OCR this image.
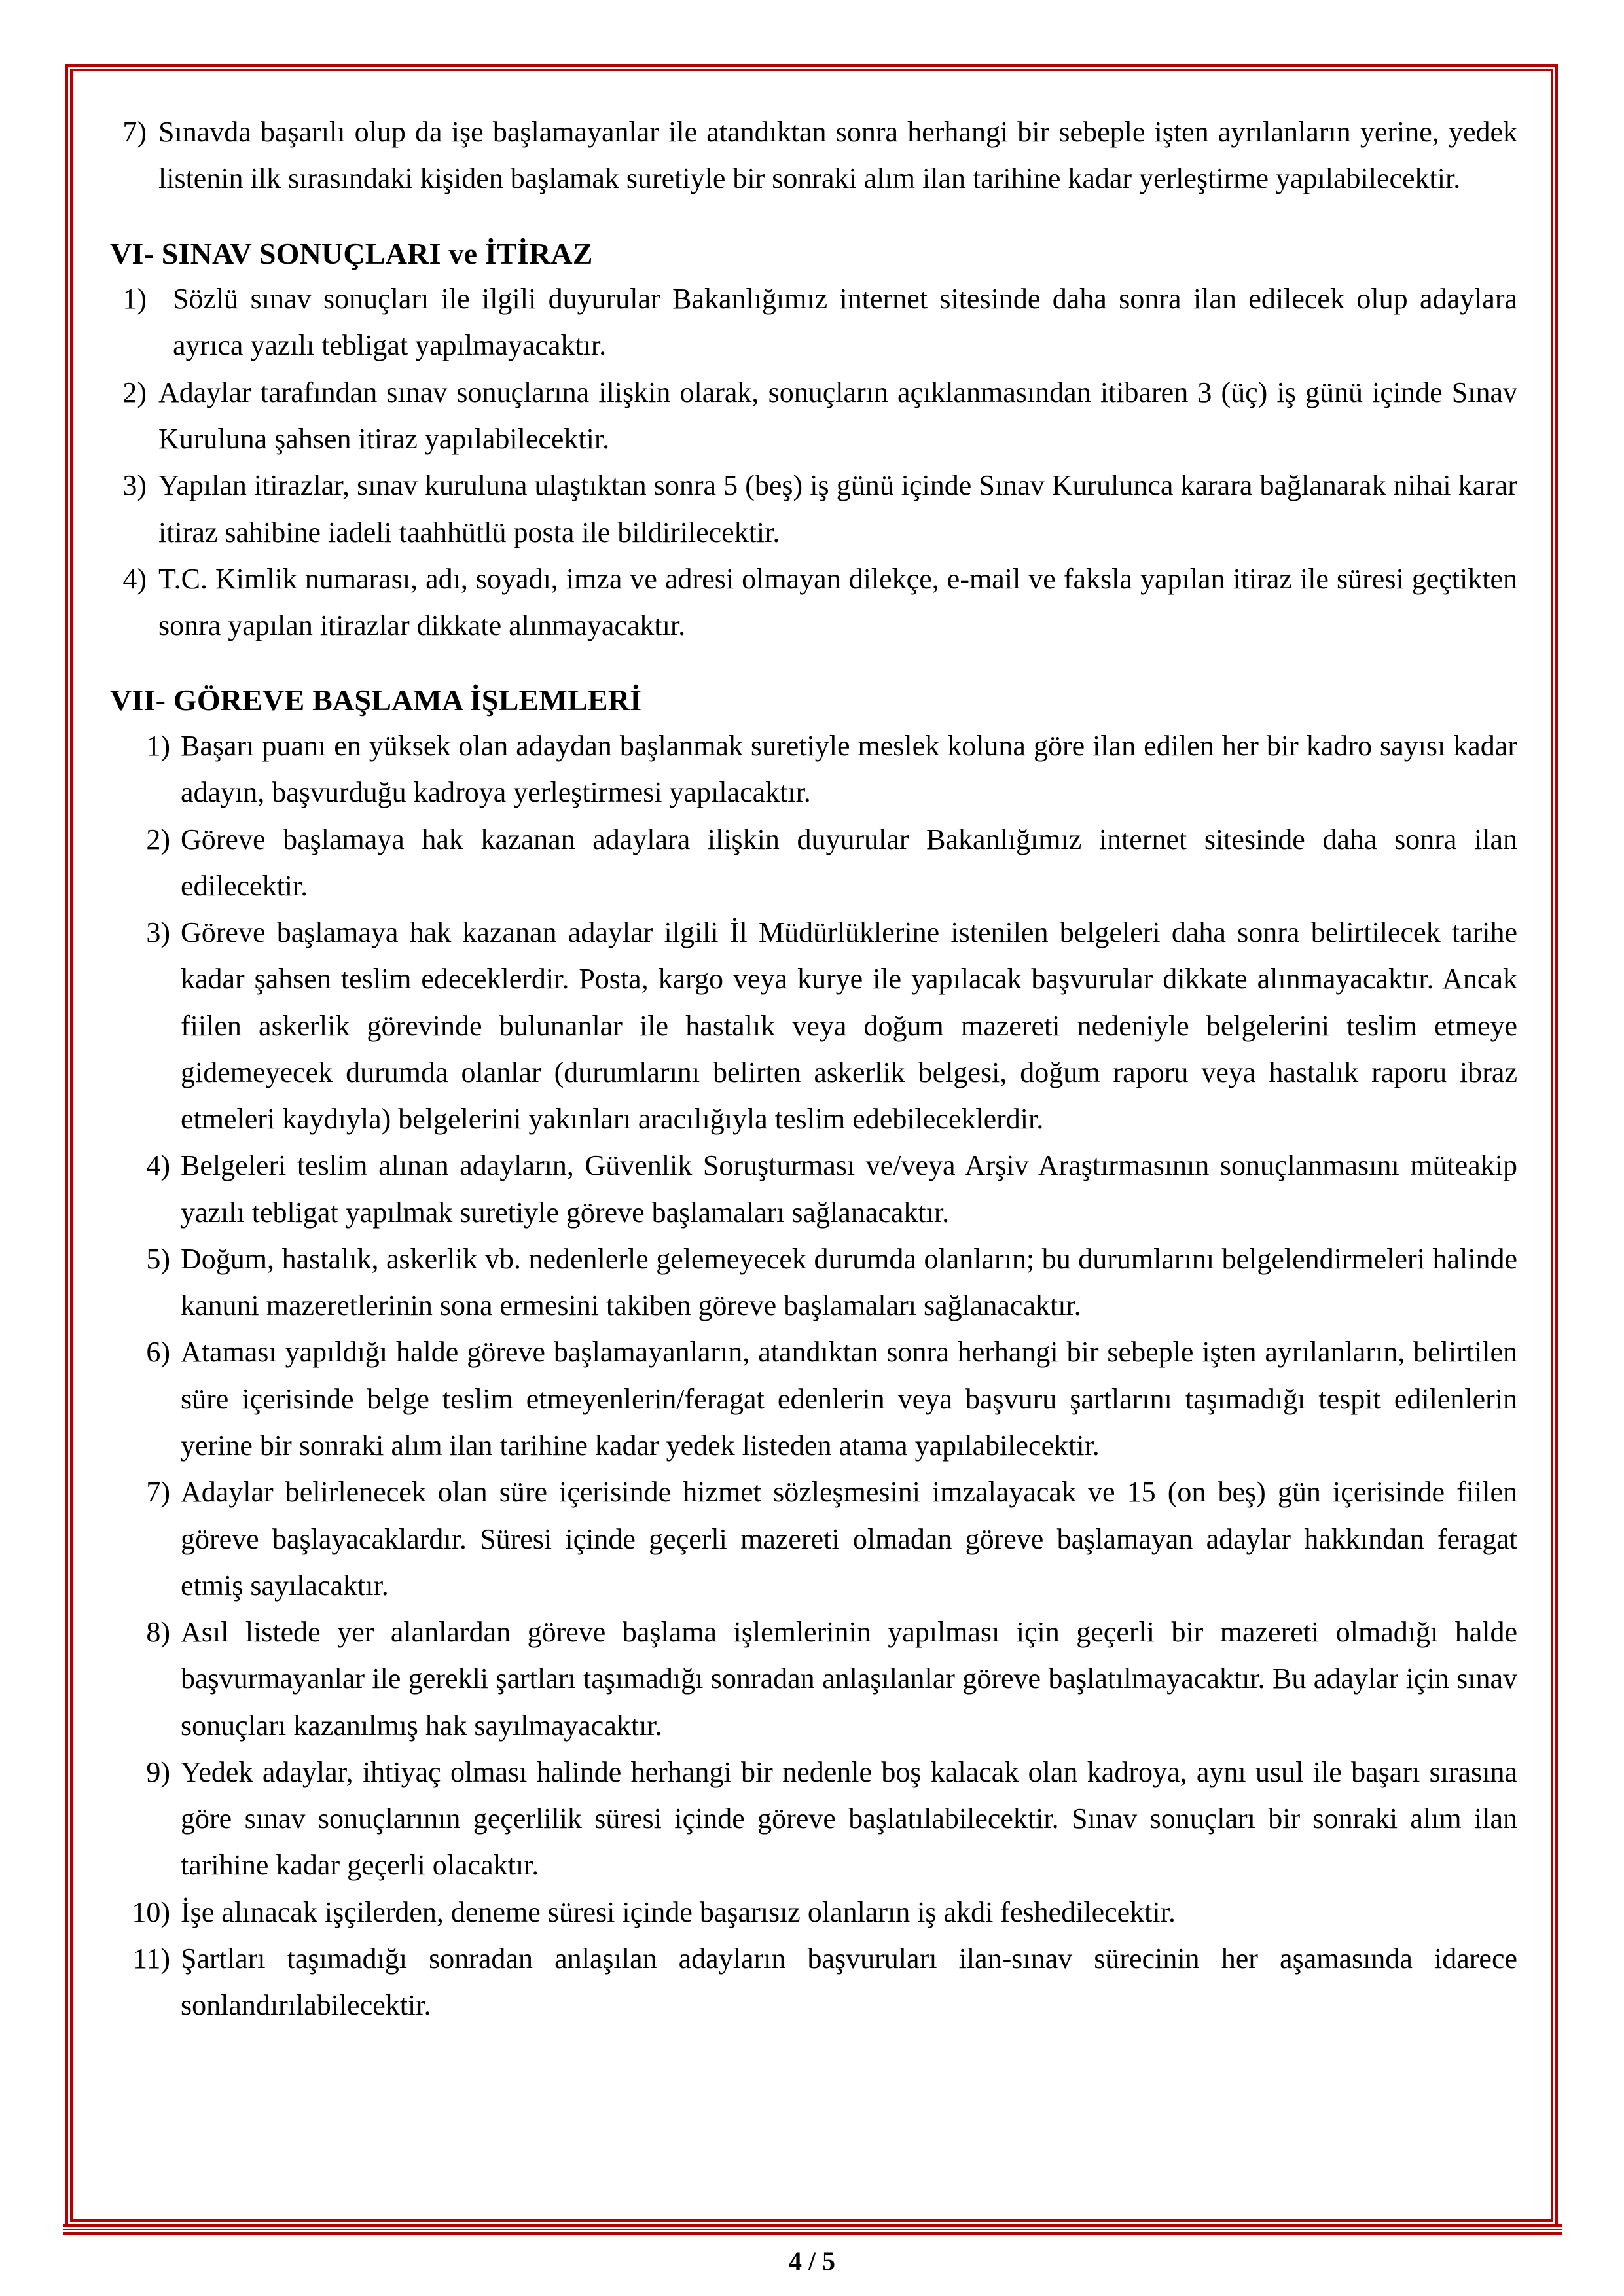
7) Sınavda başarılı olup da işe başlamayanlar ile atandıktan sonra herhangi bir sebeple işten ayrılanların yerine, yedek listenin ilk sırasındaki kişiden başlamak suretiyle bir sonraki alım ilan tarihine kadar yerleştirme yapılabilecektir.
VI- SINAV SONUÇLARI ve İTİRAZ
1) Sözlü sınav sonuçları ile ilgili duyurular Bakanlığımız internet sitesinde daha sonra ilan edilecek olup adaylara ayrıca yazılı tebligat yapılmayacaktır.
2) Adaylar tarafından sınav sonuçlarına ilişkin olarak, sonuçların açıklanmasından itibaren 3 (üç) iş günü içinde Sınav Kuruluna şahsen itiraz yapılabilecektir.
3) Yapılan itirazlar, sınav kuruluna ulaştıktan sonra 5 (beş) iş günü içinde Sınav Kurulunca karara bağlanarak nihai karar itiraz sahibine iadeli taahhütlü posta ile bildirilecektir.
4) T.C. Kimlik numarası, adı, soyadı, imza ve adresi olmayan dilekçe, e-mail ve faksla yapılan itiraz ile süresi geçtikten sonra yapılan itirazlar dikkate alınmayacaktır.
VII- GÖREVE BAŞLAMA İŞLEMLERİ
1) Başarı puanı en yüksek olan adaydan başlanmak suretiyle meslek koluna göre ilan edilen her bir kadro sayısı kadar adayın, başvurduğu kadroya yerleştirmesi yapılacaktır.
2) Göreve başlamaya hak kazanan adaylara ilişkin duyurular Bakanlığımız internet sitesinde daha sonra ilan edilecektir.
3) Göreve başlamaya hak kazanan adaylar ilgili İl Müdürlüklerine istenilen belgeleri daha sonra belirtilecek tarihe kadar şahsen teslim edeceklerdir. Posta, kargo veya kurye ile yapılacak başvurular dikkate alınmayacaktır. Ancak fiilen askerlik görevinde bulunanlar ile hastalık veya doğum mazereti nedeniyle belgelerini teslim etmeye gidemeyecek durumda olanlar (durumlarını belirten askerlik belgesi, doğum raporu veya hastalık raporu ibraz etmeleri kaydıyla) belgelerini yakınları aracılığıyla teslim edebileceklerdir.
4) Belgeleri teslim alınan adayların, Güvenlik Soruşturması ve/veya Arşiv Araştırmasının sonuçlanmasını müteakip yazılı tebligat yapılmak suretiyle göreve başlamaları sağlanacaktır.
5) Doğum, hastalık, askerlik vb. nedenlerle gelemeyecek durumda olanların; bu durumlarını belgelendirmeleri halinde kanuni mazeretlerinin sona ermesini takiben göreve başlamaları sağlanacaktır.
6) Ataması yapıldığı halde göreve başlamayanların, atandıktan sonra herhangi bir sebeple işten ayrılanların, belirtilen süre içerisinde belge teslim etmeyenlerin/feragat edenlerin veya başvuru şartlarını taşımadığı tespit edilenlerin yerine bir sonraki alım ilan tarihine kadar yedek listeden atama yapılabilecektir.
7) Adaylar belirlenecek olan süre içerisinde hizmet sözleşmesini imzalayacak ve 15 (on beş) gün içerisinde fiilen göreve başlayacaklardır. Süresi içinde geçerli mazereti olmadan göreve başlamayan adaylar hakkından feragat etmiş sayılacaktır.
8) Asıl listede yer alanlardan göreve başlama işlemlerinin yapılması için geçerli bir mazereti olmadığı halde başvurmayanlar ile gerekli şartları taşımadığı sonradan anlaşılanlar göreve başlatılmayacaktır. Bu adaylar için sınav sonuçları kazanılmış hak sayılmayacaktır.
9) Yedek adaylar, ihtiyaç olması halinde herhangi bir nedenle boş kalacak olan kadroya, aynı usul ile başarı sırasına göre sınav sonuçlarının geçerlilik süresi içinde göreve başlatılabilecektir. Sınav sonuçları bir sonraki alım ilan tarihine kadar geçerli olacaktır.
10) İşe alınacak işçilerden, deneme süresi içinde başarısız olanların iş akdi feshedilecektir.
11) Şartları taşımadığı sonradan anlaşılan adayların başvuruları ilan-sınav sürecinin her aşamasında idarece sonlandırılabilecektir.
4 / 5
